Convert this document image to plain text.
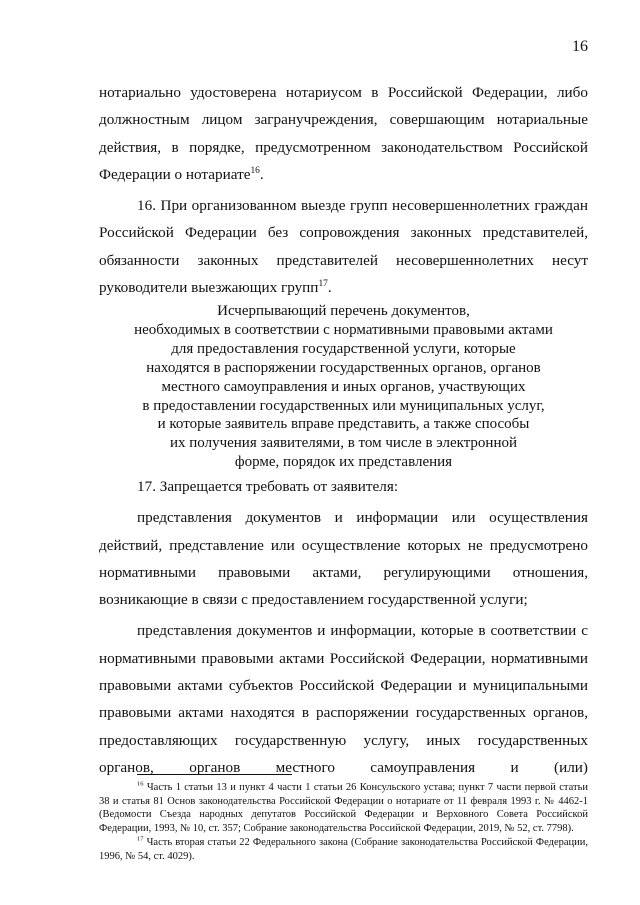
16

нотариально удостоверена нотариусом в Российской Федерации, либо должностным лицом загранучреждения, совершающим нотариальные действия, в порядке, предусмотренном законодательством Российской Федерации о нотариате$^{16}$.

16. При организованном выезде групп несовершеннолетних граждан Российской Федерации без сопровождения законных представителей, обязанности законных представителей несовершеннолетних несут руководители выезжающих групп$^{17}$.

Исчерпывающий перечень документов,
необходимых в соответствии с нормативными правовыми актами
для предоставления государственной услуги, которые
находятся в распоряжении государственных органов, органов
местного самоуправления и иных органов, участвующих
в предоставлении государственных или муниципальных услуг,
и которые заявитель вправе представить, а также способы
их получения заявителями, в том числе в электронной
форме, порядок их представления

17. Запрещается требовать от заявителя:

представления документов и информации или осуществления действий, представление или осуществление которых не предусмотрено нормативными правовыми актами, регулирующими отношения, возникающие в связи с предоставлением государственной услуги;

представления документов и информации, которые в соответствии с нормативными правовыми актами Российской Федерации, нормативными правовыми актами субъектов Российской Федерации и муниципальными правовыми актами находятся в распоряжении государственных органов, предоставляющих государственную услугу, иных государственных органов, органов местного самоуправления и (или)

$^{16}$ Часть 1 статьи 13 и пункт 4 части 1 статьи 26 Консульского устава; пункт 7 части первой статьи 38 и статья 81 Основ законодательства Российской Федерации о нотариате от 11 февраля 1993 г. № 4462-1 (Ведомости Съезда народных депутатов Российской Федерации и Верховного Совета Российской Федерации, 1993, № 10, ст. 357; Собрание законодательства Российской Федерации, 2019, № 52, ст. 7798).

$^{17}$ Часть вторая статьи 22 Федерального закона (Собрание законодательства Российской Федерации, 1996, № 54, ст. 4029).
